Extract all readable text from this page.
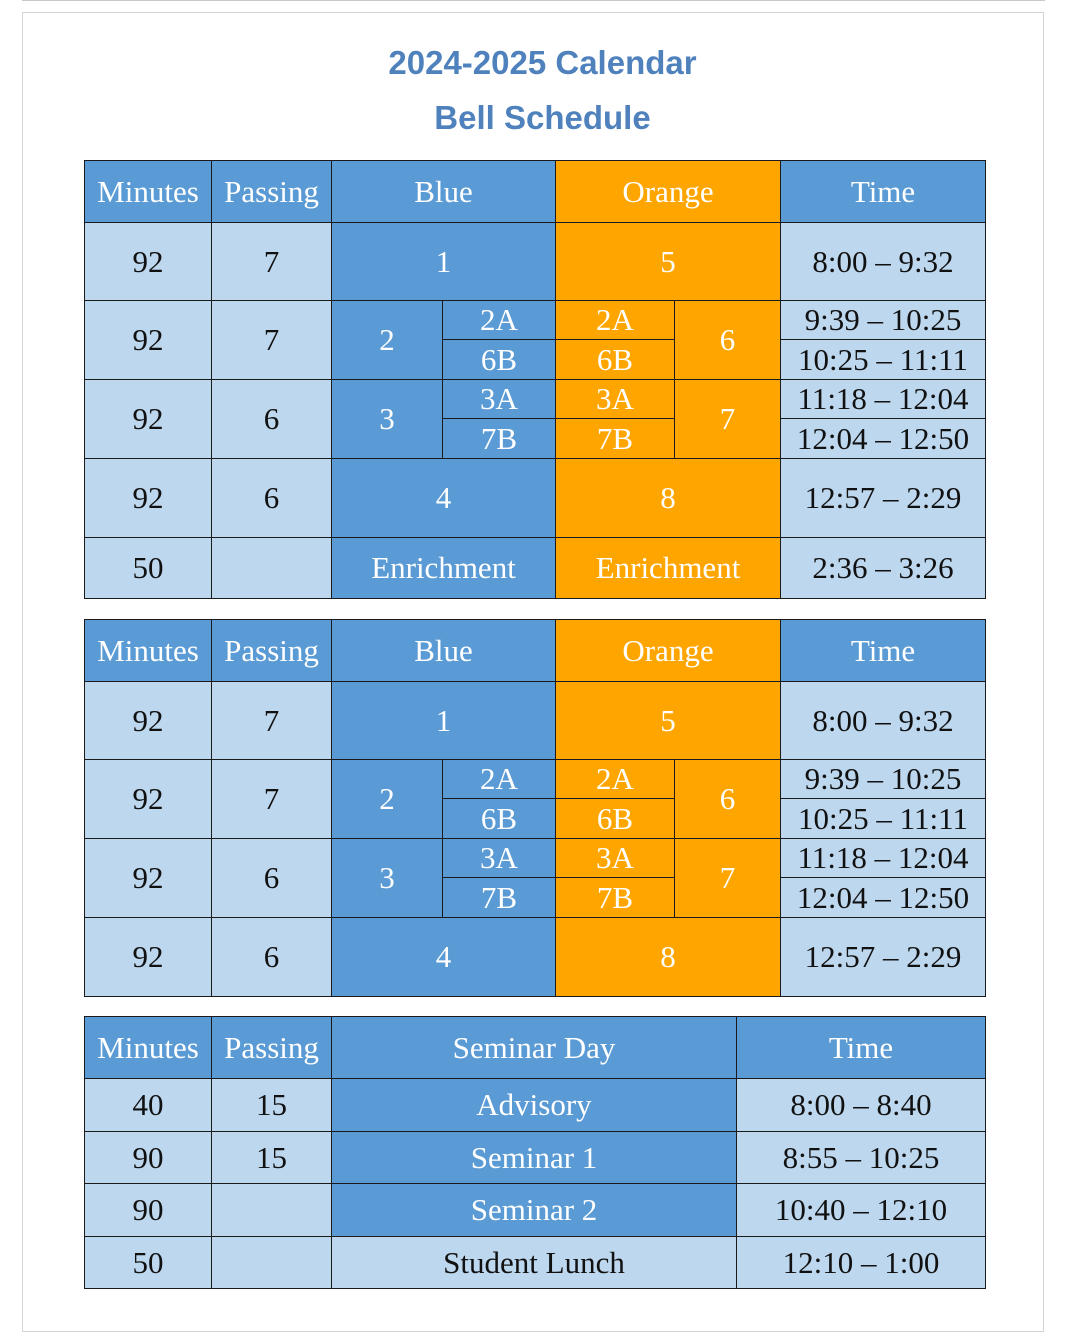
2024-2025 Calendar
Bell Schedule
Minutes	Passing	Blue		Orange		Time
92	7	1		5		8:00 – 9:32
92	7	2	2A	2A	6	9:39 – 10:25
			6B	6B		10:25 – 11:11
92	6	3	3A	3A	7	11:18 – 12:04
			7B	7B		12:04 – 12:50
92	6	4		8		12:57 – 2:29
50		Enrichment		Enrichment		2:36 – 3:26
Minutes	Passing	Blue		Orange		Time
92	7	1		5		8:00 – 9:32
92	7	2	2A	2A	6	9:39 – 10:25
			6B	6B		10:25 – 11:11
92	6	3	3A	3A	7	11:18 – 12:04
			7B	7B		12:04 – 12:50
92	6	4		8		12:57 – 2:29
Minutes	Passing	Seminar Day	Time
40	15	Advisory	8:00 – 8:40
90	15	Seminar 1	8:55 – 10:25
90		Seminar 2	10:40 – 12:10
50		Student Lunch	12:10 – 1:00
